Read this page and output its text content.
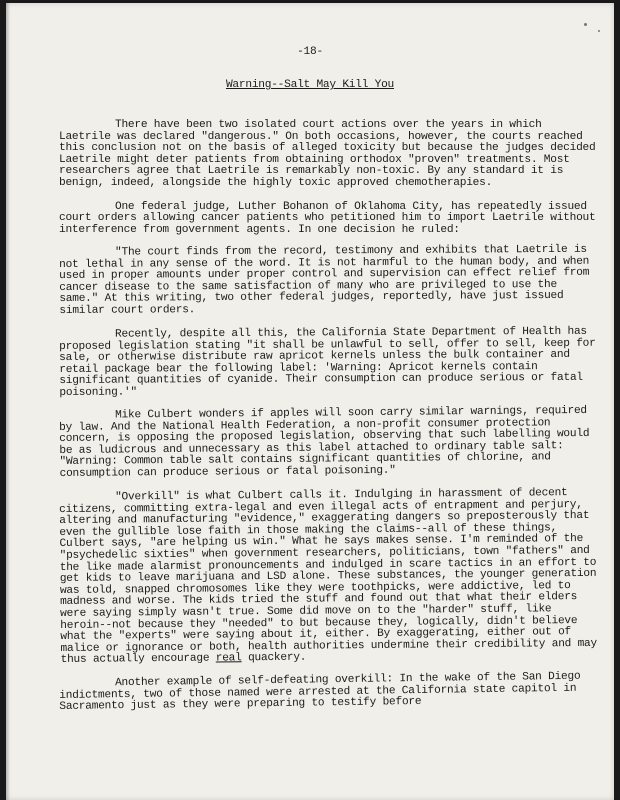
-18-
Warning--Salt May Kill You

There have been two isolated court actions over the years in which Laetrile was declared "dangerous." On both occasions, however, the courts reached this conclusion not on the basis of alleged toxicity but because the judges decided Laetrile might deter patients from obtaining orthodox "proven" treatments. Most researchers agree that Laetrile is remarkably non-toxic. By any standard it is benign, indeed, alongside the highly toxic approved chemotherapies.

One federal judge, Luther Bohanon of Oklahoma City, has repeatedly issued court orders allowing cancer patients who petitioned him to import Laetrile without interference from government agents. In one decision he ruled:

"The court finds from the record, testimony and exhibits that Laetrile is not lethal in any sense of the word. It is not harmful to the human body, and when used in proper amounts under proper control and supervision can effect relief from cancer disease to the same satisfaction of many who are privileged to use the same." At this writing, two other federal judges, reportedly, have just issued similar court orders.

Recently, despite all this, the California State Department of Health has proposed legislation stating "it shall be unlawful to sell, offer to sell, keep for sale, or otherwise distribute raw apricot kernels unless the bulk container and retail package bear the following label: 'Warning: Apricot kernels contain significant quantities of cyanide. Their consumption can produce serious or fatal poisoning.'"

Mike Culbert wonders if apples will soon carry similar warnings, required by law. And the National Health Federation, a non-profit consumer protection concern, is opposing the proposed legislation, observing that such labelling would be as ludicrous and unnecessary as this label attached to ordinary table salt: "Warning: Common table salt contains significant quantities of chlorine, and consumption can produce serious or fatal poisoning."

"Overkill" is what Culbert calls it. Indulging in harassment of decent citizens, committing extra-legal and even illegal acts of entrapment and perjury, altering and manufacturing "evidence," exaggerating dangers so preposterously that even the gullible lose faith in those making the claims--all of these things, Culbert says, "are helping us win." What he says makes sense. I'm reminded of the "psychedelic sixties" when government researchers, politicians, town "fathers" and the like made alarmist pronouncements and indulged in scare tactics in an effort to get kids to leave marijuana and LSD alone. These substances, the younger generation was told, snapped chromosomes like they were toothpicks, were addictive, led to madness and worse. The kids tried the stuff and found out that what their elders were saying simply wasn't true. Some did move on to the "harder" stuff, like heroin--not because they "needed" to but because they, logically, didn't believe what the "experts" were saying about it, either. By exaggerating, either out of malice or ignorance or both, health authorities undermine their credibility and may thus actually encourage real quackery.

Another example of self-defeating overkill: In the wake of the San Diego indictments, two of those named were arrested at the California state capitol in Sacramento just as they were preparing to testify before
